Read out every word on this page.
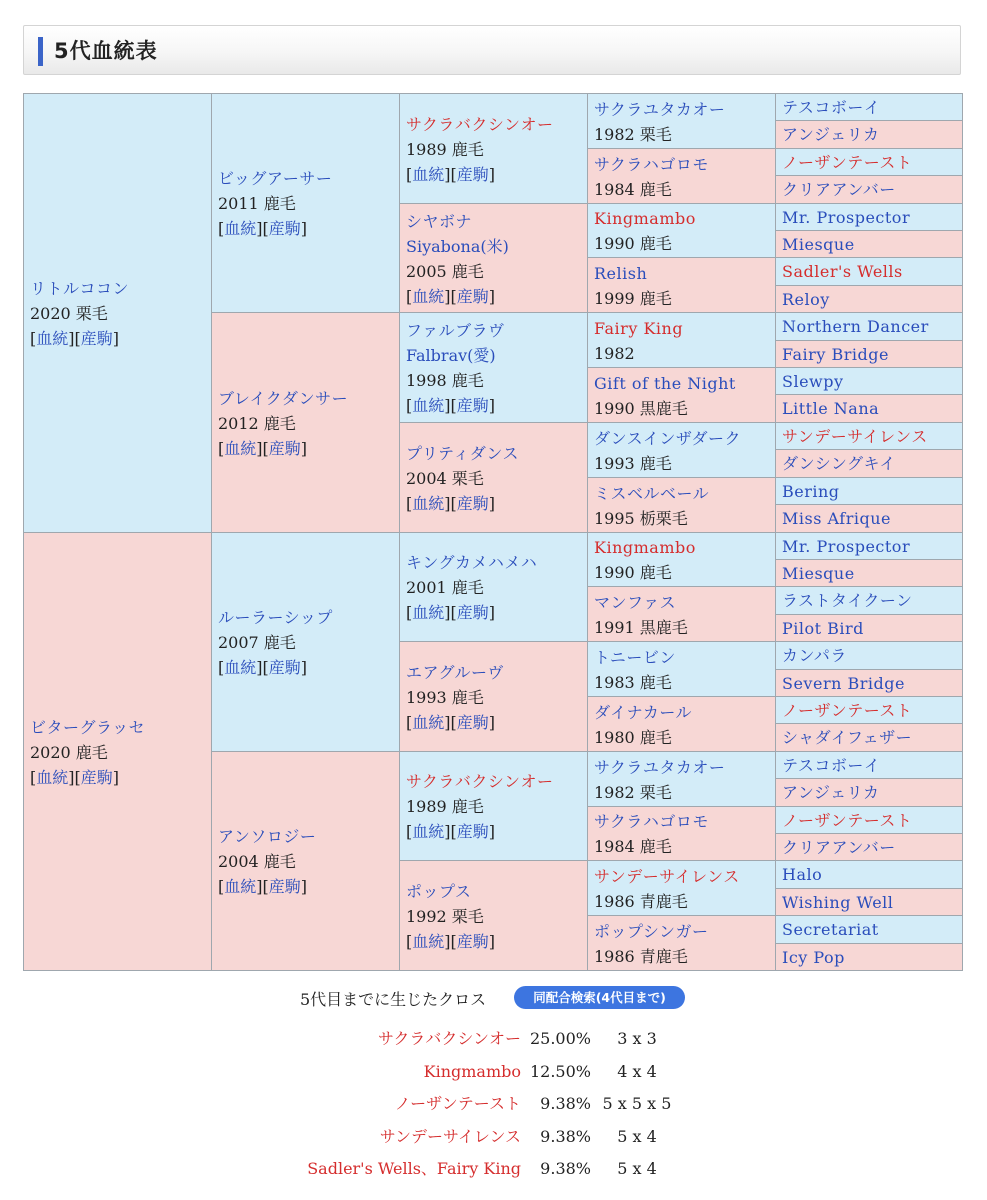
5代血統表
リトルココン
2020 栗毛
[血統][産駒]
ビターグラッセ
2020 鹿毛
[血統][産駒]
ビッグアーサー
2011 鹿毛
[血統][産駒]
ブレイクダンサー
2012 鹿毛
[血統][産駒]
ルーラーシップ
2007 鹿毛
[血統][産駒]
アンソロジー
2004 鹿毛
[血統][産駒]
サクラバクシンオー
1989 鹿毛
[血統][産駒]
シヤボナ
Siyabona(米)
2005 鹿毛
[血統][産駒]
ファルブラヴ
Falbrav(愛)
1998 鹿毛
[血統][産駒]
プリティダンス
2004 栗毛
[血統][産駒]
キングカメハメハ
2001 鹿毛
[血統][産駒]
エアグルーヴ
1993 鹿毛
[血統][産駒]
サクラバクシンオー
1989 鹿毛
[血統][産駒]
ポップス
1992 栗毛
[血統][産駒]
サクラユタカオー
1982 栗毛
サクラハゴロモ
1984 鹿毛
Kingmambo
1990 鹿毛
Relish
1999 鹿毛
Fairy King
1982
Gift of the Night
1990 黒鹿毛
ダンスインザダーク
1993 鹿毛
ミスベルベール
1995 栃栗毛
Kingmambo
1990 鹿毛
マンファス
1991 黒鹿毛
トニービン
1983 鹿毛
ダイナカール
1980 鹿毛
サクラユタカオー
1982 栗毛
サクラハゴロモ
1984 鹿毛
サンデーサイレンス
1986 青鹿毛
ポップシンガー
1986 青鹿毛
テスコボーイ
アンジェリカ
ノーザンテースト
クリアアンバー
Mr. Prospector
Miesque
Sadler's Wells
Reloy
Northern Dancer
Fairy Bridge
Slewpy
Little Nana
サンデーサイレンス
ダンシングキイ
Bering
Miss Afrique
Mr. Prospector
Miesque
ラストタイクーン
Pilot Bird
カンパラ
Severn Bridge
ノーザンテースト
シャダイフェザー
テスコボーイ
アンジェリカ
ノーザンテースト
クリアアンバー
Halo
Wishing Well
Secretariat
Icy Pop
5代目までに生じたクロス	同配合検索(4代目まで)
サクラバクシンオー 25.00% 3 x 3
Kingmambo 12.50% 4 x 4
ノーザンテースト 9.38% 5 x 5 x 5
サンデーサイレンス 9.38% 5 x 4
Sadler's Wells、Fairy King 9.38% 5 x 4
